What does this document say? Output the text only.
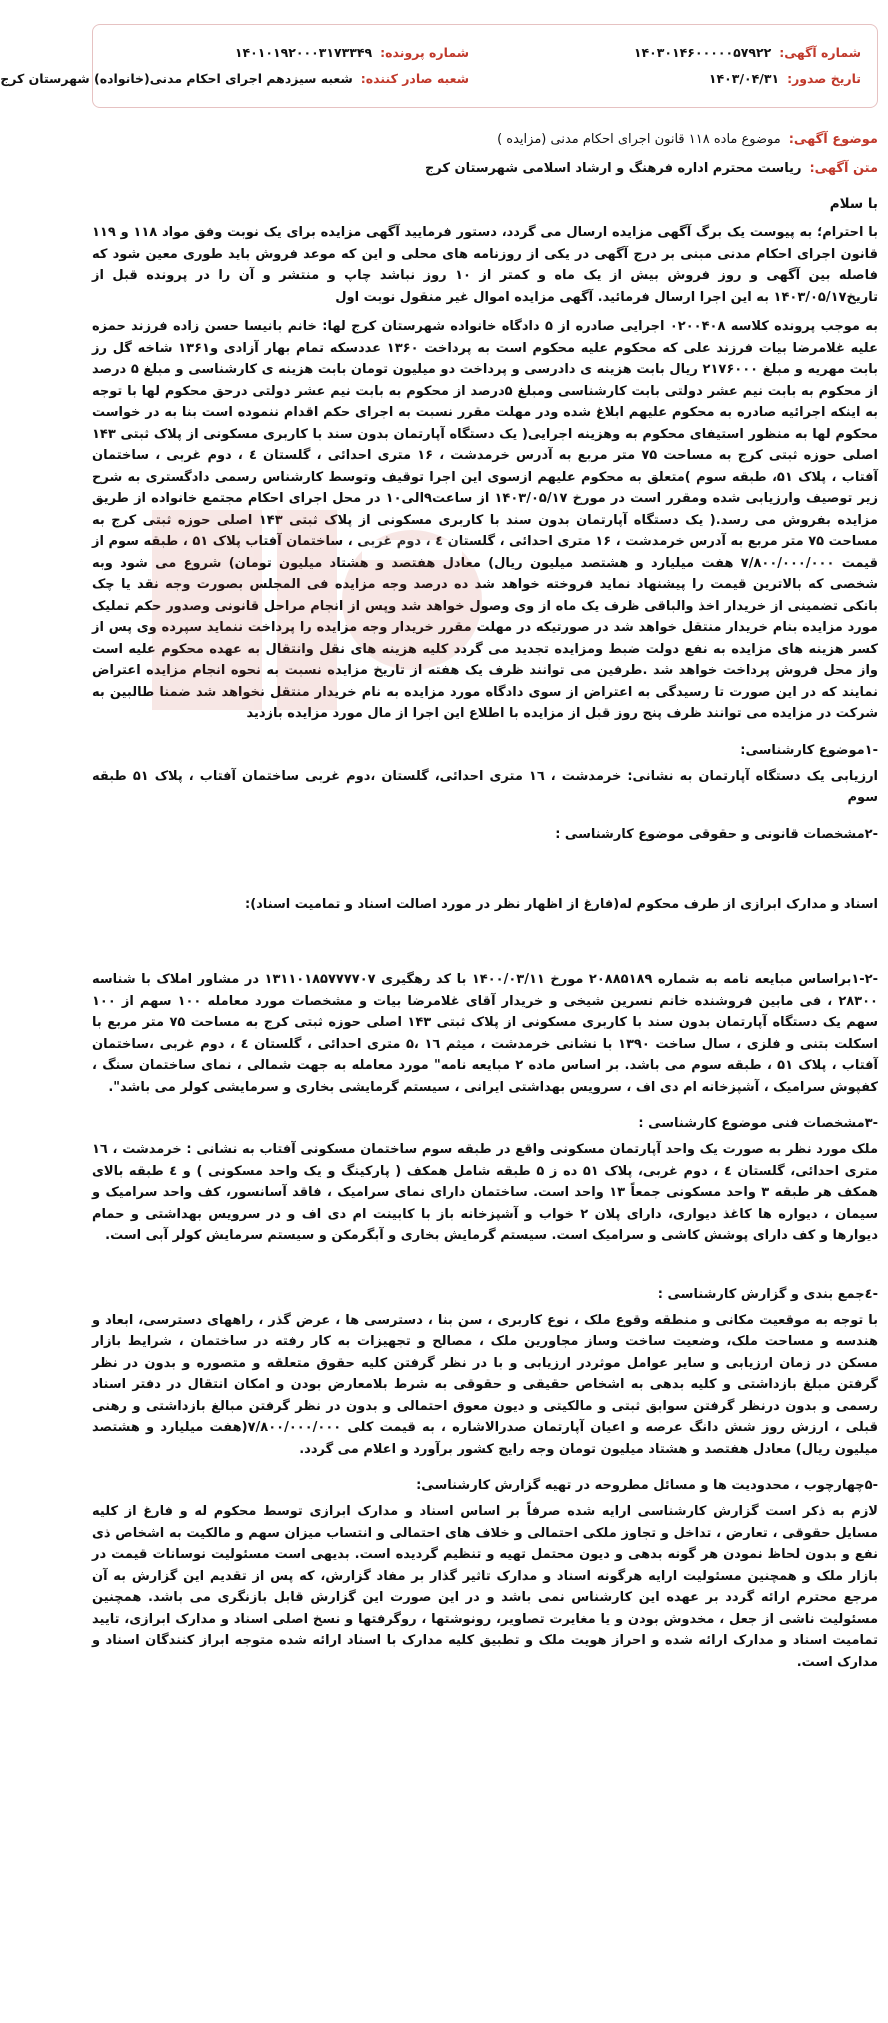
شماره آگهی:
۱۴۰۳۰۱۴۶۰۰۰۰۰۵۷۹۲۲
شماره پرونده:
۱۴۰۱۰۱۹۲۰۰۰۳۱۷۳۳۴۹
تاریخ صدور:
۱۴۰۳/۰۴/۳۱
شعبه صادر کننده:
شعبه سیزدهم اجرای احکام مدنی(خانواده) شهرستان کرج
موضوع آگهی:
موضوع ماده ۱۱۸ قانون اجرای احکام مدنی (مزایده )
متن آگهی:
ریاست محترم اداره فرهنگ و ارشاد اسلامی شهرستان کرج
با سلام

با احترام؛ به پیوست یک برگ آگهی مزایده ارسال می گردد، دستور فرمایید آگهی مزایده برای یک نوبت وفق مواد ۱۱۸ و ۱۱۹ قانون اجرای احکام مدنی مبنی بر درج آگهی در یکی از روزنامه های محلی و این که موعد فروش باید طوری معین شود که فاصله بین آگهی و روز فروش بیش از یک ماه و کمتر از ۱۰ روز نباشد چاپ و منتشر و آن را در پرونده قبل از تاریخ۱۴۰۳/۰۵/۱۷ به این اجرا ارسال فرمائید. آگهی مزایده اموال غیر منقول نوبت اول

به موجب پرونده کلاسه ۰۲۰۰۴۰۸ اجرایی صادره از ۵ دادگاه خانواده شهرستان کرج لها: خانم بانیسا حسن زاده فرزند حمزه علیه غلامرضا بیات فرزند علی که محکوم علیه محکوم است به پرداخت ۱۳۶۰ عددسکه تمام بهار آزادی و۱۳۶۱ شاخه گل رز بابت مهریه و مبلغ ۲۱۷۶۰۰۰ ریال بابت هزینه ی دادرسی و پرداخت دو میلیون تومان بابت هزینه ی کارشناسی و مبلغ ۵ درصد از محکوم به بابت نیم عشر دولتی بابت کارشناسی ومبلغ ۵درصد از محکوم به بابت نیم عشر دولتی درحق محکوم لها با توجه به اینکه اجرائیه صادره به محکوم علیهم ابلاغ شده ودر مهلت مقرر نسبت به اجرای حکم اقدام ننموده است بنا به در خواست محکوم لها به منظور استیفای محکوم به وهزینه اجرایی( یک دستگاه آپارتمان بدون سند با کاربری مسکونی از پلاک ثبتی ۱۴۳ اصلی حوزه ثبتی کرج به مساحت ۷۵ متر مربع به آدرس خرمدشت ، ۱۶ متری احدائی ، گلستان ٤ ، دوم غربی ، ساختمان آفتاب ، پلاک ۵۱، طبقه سوم )متعلق به محکوم علیهم ازسوی این اجرا توقیف وتوسط کارشناس رسمی دادگستری به شرح زیر توصیف وارزیابی شده ومقرر است در مورخ ۱۴۰۳/۰۵/۱۷ از ساعت۹الی۱۰ در محل اجرای احکام مجتمع خانواده از طریق مزایده بفروش می رسد.( یک دستگاه آپارتمان بدون سند با کاربری مسکونی از پلاک ثبتی ۱۴۳ اصلی حوزه ثبتی کرج به مساحت ۷۵ متر مربع به آدرس خرمدشت ، ۱۶ متری احدائی ، گلستان ٤ ، دوم غربی ، ساختمان آفتاب پلاک ۵۱ ، طبقه سوم از قیمت ۷/۸۰۰/۰۰۰/۰۰۰ هفت میلیارد و هشتصد میلیون ریال) معادل هفتصد و هشتاد میلیون تومان) شروع می شود وبه شخصی که بالاترین قیمت را پیشنهاد نماید فروخته خواهد شد ده درصد وجه مزایده فی المجلس بصورت وجه نقد یا چک بانکی تضمینی از خریدار اخذ والباقی ظرف یک ماه از وی وصول خواهد شد وپس از انجام مراحل قانونی وصدور حکم تملیک مورد مزایده بنام خریدار منتقل خواهد شد در صورتیکه در مهلت مقرر خریدار وجه مزایده را پرداخت ننماید سپرده وی پس از کسر هزینه های مزایده به نفع دولت ضبط ومزایده تجدید می گردد کلیه هزینه های نقل وانتقال به عهده محکوم علیه است واز محل فروش پرداخت خواهد شد .طرفین می توانند ظرف یک هفته از تاریخ مزایده نسبت به نحوه انجام مزایده اعتراض نمایند که در این صورت تا رسیدگی به اعتراض از سوی دادگاه مورد مزایده به نام خریدار منتقل نخواهد شد ضمنا طالبین به شرکت در مزایده می توانند ظرف پنج روز قبل از مزایده با اطلاع این اجرا از مال مورد مزایده بازدید

-۱موضوع کارشناسی:

ارزیابی یک دستگاه آپارتمان به نشانی: خرمدشت ، ۱٦ متری احدائی، گلستان ،دوم غربی ساختمان آفتاب ، پلاک ۵۱ طبقه سوم

-۲مشخصات قانونی و حقوقی موضوع کارشناسی :

اسناد و مدارک ابرازی از طرف محکوم له(فارغ از اظهار نظر در مورد اصالت اسناد و تمامیت اسناد):

-۱-۲براساس مبایعه نامه به شماره ۲۰۸۸۵۱۸۹ مورخ ۱۴۰۰/۰۳/۱۱ با کد رهگیری ۱۳۱۱۰۱۸۵۷۷۷۷۰۷ در مشاور املاک با شناسه ۲۸۳۰۰ ، فی مابین فروشنده خانم نسرین شیخی و خریدار آقای غلامرضا بیات و مشخصات مورد معامله ۱۰۰ سهم از ۱۰۰ سهم یک دستگاه آپارتمان بدون سند با کاربری مسکونی از پلاک ثبتی ۱۴۳ اصلی حوزه ثبتی کرج به مساحت ۷۵ متر مربع با اسکلت بتنی و فلزی ، سال ساخت ۱۳۹۰ با نشانی خرمدشت ، میثم ۱٦ ،۵ متری احدائی ، گلستان ٤ ، دوم غربی ،ساختمان آفتاب ، پلاک ۵۱ ، طبقه سوم می باشد. بر اساس ماده ۲ مبایعه نامه" مورد معامله به جهت شمالی ، نمای ساختمان سنگ ، کفپوش سرامیک ، آشپزخانه ام دی اف ، سرویس بهداشتی ایرانی ، سیستم گرمایشی بخاری و سرمایشی کولر می باشد".

-۳مشخصات فنی موضوع کارشناسی :

ملک مورد نظر به صورت یک واحد آپارتمان مسکونی واقع در طبقه سوم ساختمان مسکونی آفتاب به نشانی : خرمدشت ، ۱٦ متری احدائی، گلستان ٤ ، دوم غربی، پلاک ۵۱ ده ز ۵ طبقه شامل همکف ( پارکینگ و یک واحد مسکونی ) و ٤ طبقه بالای همکف هر طبقه ۳ واحد مسکونی جمعاً ۱۳ واحد است. ساختمان دارای نمای سرامیک ، فاقد آسانسور، کف واحد سرامیک و سیمان ، دیواره ها کاغذ دیواری، دارای پلان ۲ خواب و آشپزخانه باز با کابینت ام دی اف و در سرویس بهداشتی و حمام دیوارها و کف دارای پوشش کاشی و سرامیک است. سیستم گرمایش بخاری و آبگرمکن و سیستم سرمایش کولر آبی است.

-٤جمع بندی و گزارش کارشناسی :

با توجه به موقعیت مکانی و منطقه وقوع ملک ، نوع کاربری ، سن بنا ، دسترسی ها ، عرض گذر ، راههای دسترسی، ابعاد و هندسه و مساحت ملک، وضعیت ساخت وساز مجاورین ملک ، مصالح و تجهیزات به کار رفته در ساختمان ، شرایط بازار مسکن در زمان ارزیابی و سایر عوامل موثردر ارزیابی و با در نظر گرفتن کلیه حقوق متعلقه و متصوره و بدون در نظر گرفتن مبلغ بازداشتی و کلیه بدهی به اشخاص حقیقی و حقوقی به شرط بلامعارض بودن و امکان انتقال در دفتر اسناد رسمی و بدون درنظر گرفتن سوابق ثبتی و مالکیتی و دیون معوق احتمالی و بدون در نظر گرفتن مبالغ بازداشتی و رهنی قبلی ، ارزش روز شش دانگ عرصه و اعیان آپارتمان صدرالاشاره ، به قیمت کلی ۷/۸۰۰/۰۰۰/۰۰۰(هفت میلیارد و هشتصد میلیون ریال) معادل هفتصد و هشتاد میلیون تومان وجه رایج کشور برآورد و اعلام می گردد.

-۵چهارچوب ، محدودیت ها و مسائل مطروحه در تهیه گزارش کارشناسی:

لازم به ذکر است گزارش کارشناسی ارایه شده صرفاً بر اساس اسناد و مدارک ابرازی توسط محکوم له و فارغ از کلیه مسایل حقوقی ، تعارض ، تداخل و تجاوز ملکی احتمالی و خلاف های احتمالی و انتساب میزان سهم و مالکیت به اشخاص ذی نفع و بدون لحاظ نمودن هر گونه بدهی و دیون محتمل تهیه و تنظیم گردیده است. بدیهی است مسئولیت نوسانات قیمت در بازار ملک و همچنین مسئولیت ارایه هرگونه اسناد و مدارک تاثیر گذار بر مفاد گزارش، که پس از تقدیم این گزارش به آن مرجع محترم ارائه گردد بر عهده این کارشناس نمی باشد و در این صورت این گزارش قابل بازنگری می باشد. همچنین مسئولیت ناشی از جعل ، مخدوش بودن و یا مغایرت تصاویر، رونوشتها ، روگرفتها و نسخ اصلی اسناد و مدارک ابرازی، تایید تمامیت اسناد و مدارک ارائه شده و احراز هویت ملک و تطبیق کلیه مدارک با اسناد ارائه شده متوجه ابراز کنندگان اسناد و مدارک است.
